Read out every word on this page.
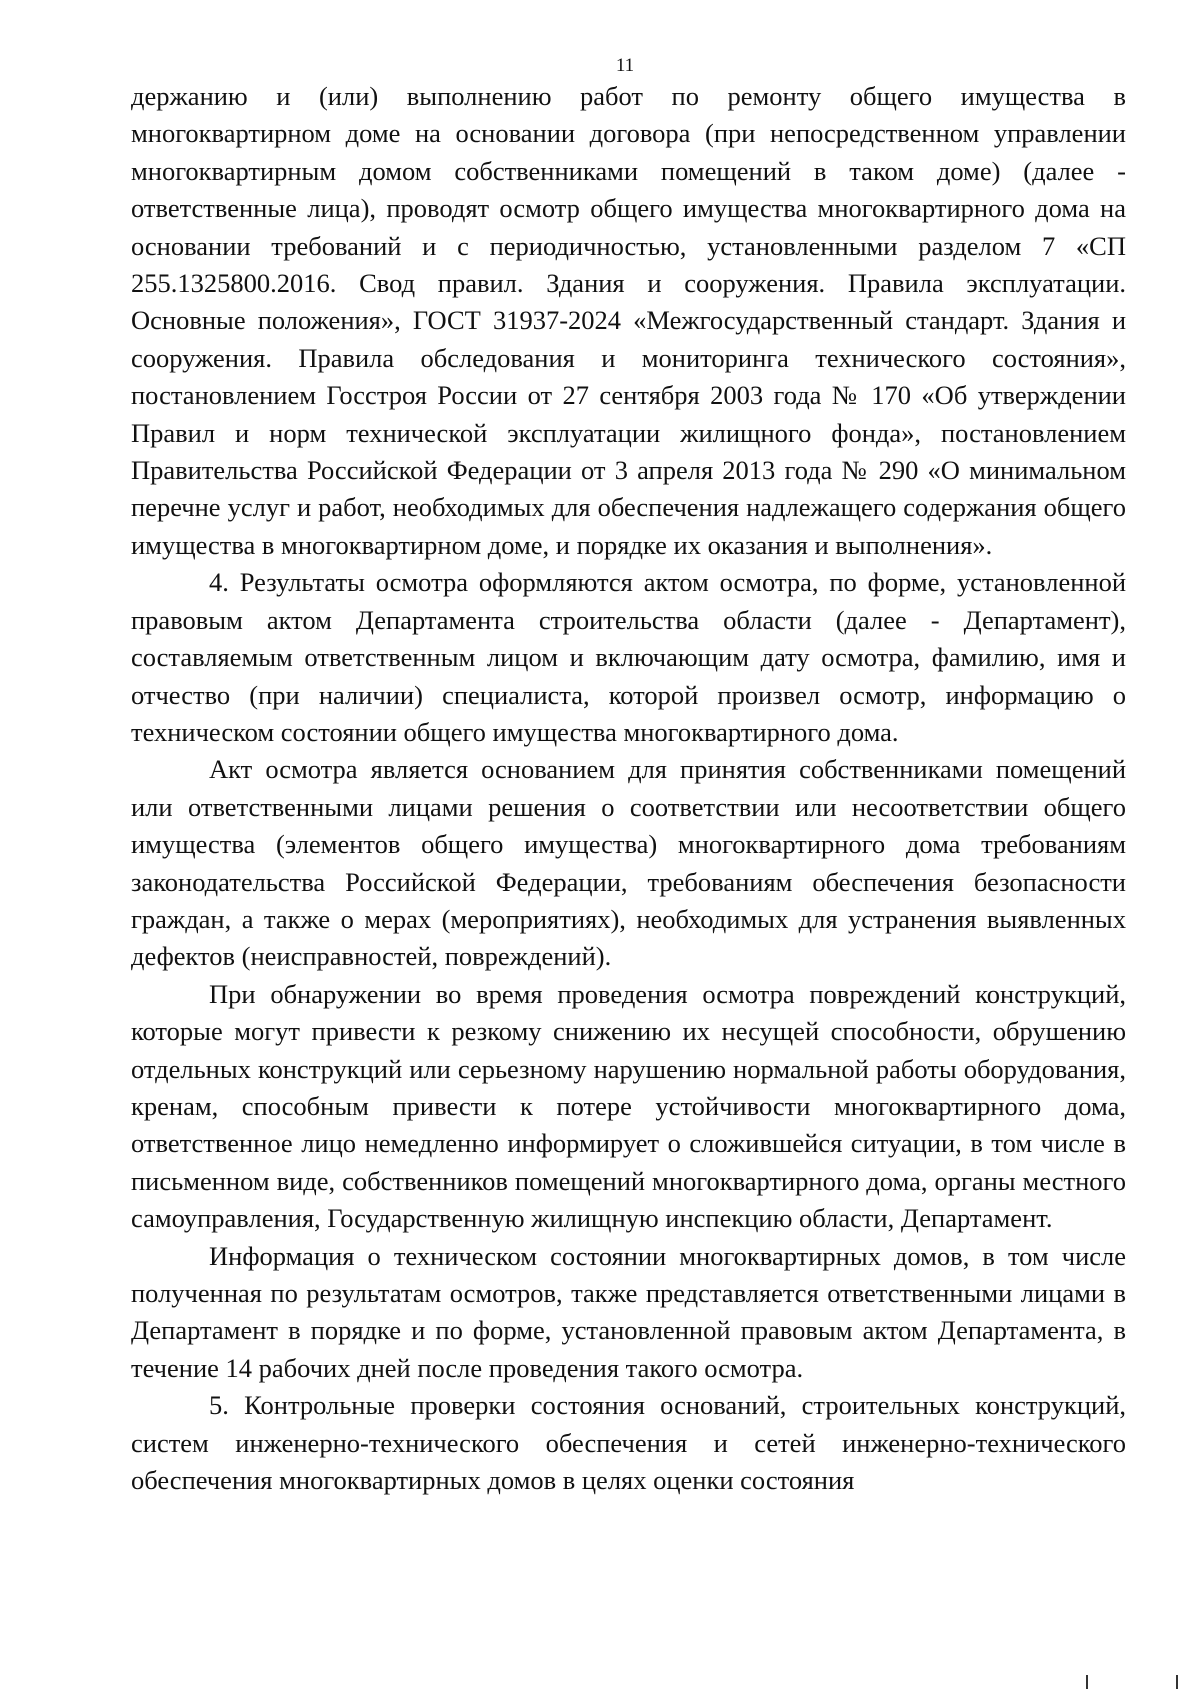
11

держанию и (или) выполнению работ по ремонту общего имущества в многоквартирном доме на основании договора (при непосредственном управлении многоквартирным домом собственниками помещений в таком доме) (далее - ответственные лица), проводят осмотр общего имущества многоквартирного дома на основании требований и с периодичностью, установленными разделом 7 «СП 255.1325800.2016. Свод правил. Здания и сооружения. Правила эксплуатации. Основные положения», ГОСТ 31937-2024 «Межгосударственный стандарт. Здания и сооружения. Правила обследования и мониторинга технического состояния», постановлением Госстроя России от 27 сентября 2003 года № 170 «Об утверждении Правил и норм технической эксплуатации жилищного фонда», постановлением Правительства Российской Федерации от 3 апреля 2013 года № 290 «О минимальном перечне услуг и работ, необходимых для обеспечения надлежащего содержания общего имущества в многоквартирном доме, и порядке их оказания и выполнения».

4. Результаты осмотра оформляются актом осмотра, по форме, установленной правовым актом Департамента строительства области (далее - Департамент), составляемым ответственным лицом и включающим дату осмотра, фамилию, имя и отчество (при наличии) специалиста, которой произвел осмотр, информацию о техническом состоянии общего имущества многоквартирного дома.

Акт осмотра является основанием для принятия собственниками помещений или ответственными лицами решения о соответствии или несоответствии общего имущества (элементов общего имущества) многоквартирного дома требованиям законодательства Российской Федерации, требованиям обеспечения безопасности граждан, а также о мерах (мероприятиях), необходимых для устранения выявленных дефектов (неисправностей, повреждений).

При обнаружении во время проведения осмотра повреждений конструкций, которые могут привести к резкому снижению их несущей способности, обрушению отдельных конструкций или серьезному нарушению нормальной работы оборудования, кренам, способным привести к потере устойчивости многоквартирного дома, ответственное лицо немедленно информирует о сложившейся ситуации, в том числе в письменном виде, собственников помещений многоквартирного дома, органы местного самоуправления, Государственную жилищную инспекцию области, Департамент.

Информация о техническом состоянии многоквартирных домов, в том числе полученная по результатам осмотров, также представляется ответственными лицами в Департамент в порядке и по форме, установленной правовым актом Департамента, в течение 14 рабочих дней после проведения такого осмотра.

5. Контрольные проверки состояния оснований, строительных конструкций, систем инженерно-технического обеспечения и сетей инженерно-технического обеспечения многоквартирных домов в целях оценки состояния
